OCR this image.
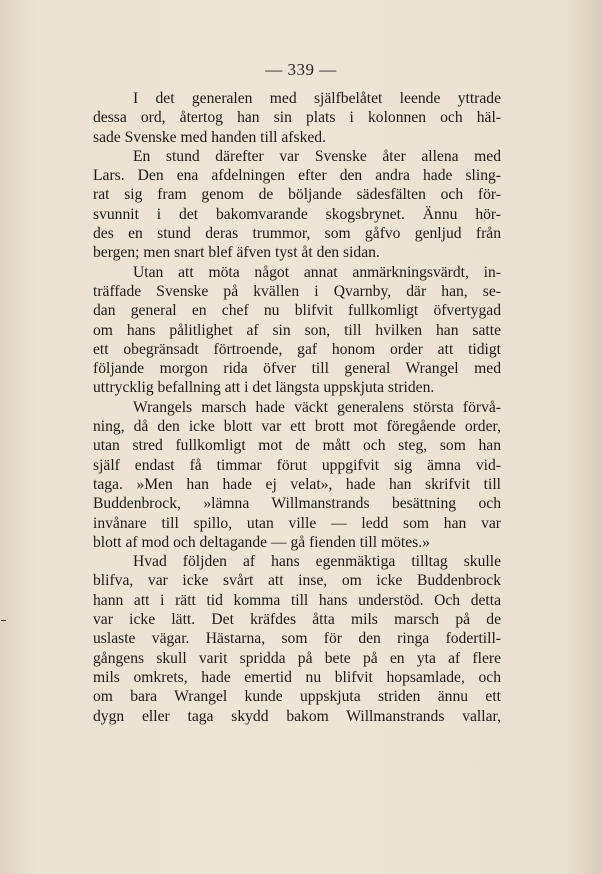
— 339 —
I det generalen med själfbelåtet leende yttrade
dessa ord, återtog han sin plats i kolonnen och häl-
sade Svenske med handen till afsked.
En stund därefter var Svenske åter allena med
Lars. Den ena afdelningen efter den andra hade sling-
rat sig fram genom de böljande sädesfälten och för-
svunnit i det bakomvarande skogsbrynet. Ännu hör-
des en stund deras trummor, som gåfvo genljud från
bergen; men snart blef äfven tyst åt den sidan.
Utan att möta något annat anmärkningsvärdt, in-
träffade Svenske på kvällen i Qvarnby, där han, se-
dan general en chef nu blifvit fullkomligt öfvertygad
om hans pålitlighet af sin son, till hvilken han satte
ett obegränsadt förtroende, gaf honom order att tidigt
följande morgon rida öfver till general Wrangel med
uttrycklig befallning att i det längsta uppskjuta striden.
Wrangels marsch hade väckt generalens största förvå-
ning, då den icke blott var ett brott mot föregående order,
utan stred fullkomligt mot de mått och steg, som han
själf endast få timmar förut uppgifvit sig ämna vid-
taga. »Men han hade ej velat», hade han skrifvit till
Buddenbrock, »lämna Willmanstrands besättning och
invånare till spillo, utan ville — ledd som han var
blott af mod och deltagande — gå fienden till mötes.»
Hvad följden af hans egenmäktiga tilltag skulle
blifva, var icke svårt att inse, om icke Buddenbrock
hann att i rätt tid komma till hans understöd. Och detta
var icke lätt. Det kräfdes åtta mils marsch på de
uslaste vägar. Hästarna, som för den ringa fodertill-
gångens skull varit spridda på bete på en yta af flere
mils omkrets, hade emertid nu blifvit hopsamlade, och
om bara Wrangel kunde uppskjuta striden ännu ett
dygn eller taga skydd bakom Willmanstrands vallar,
